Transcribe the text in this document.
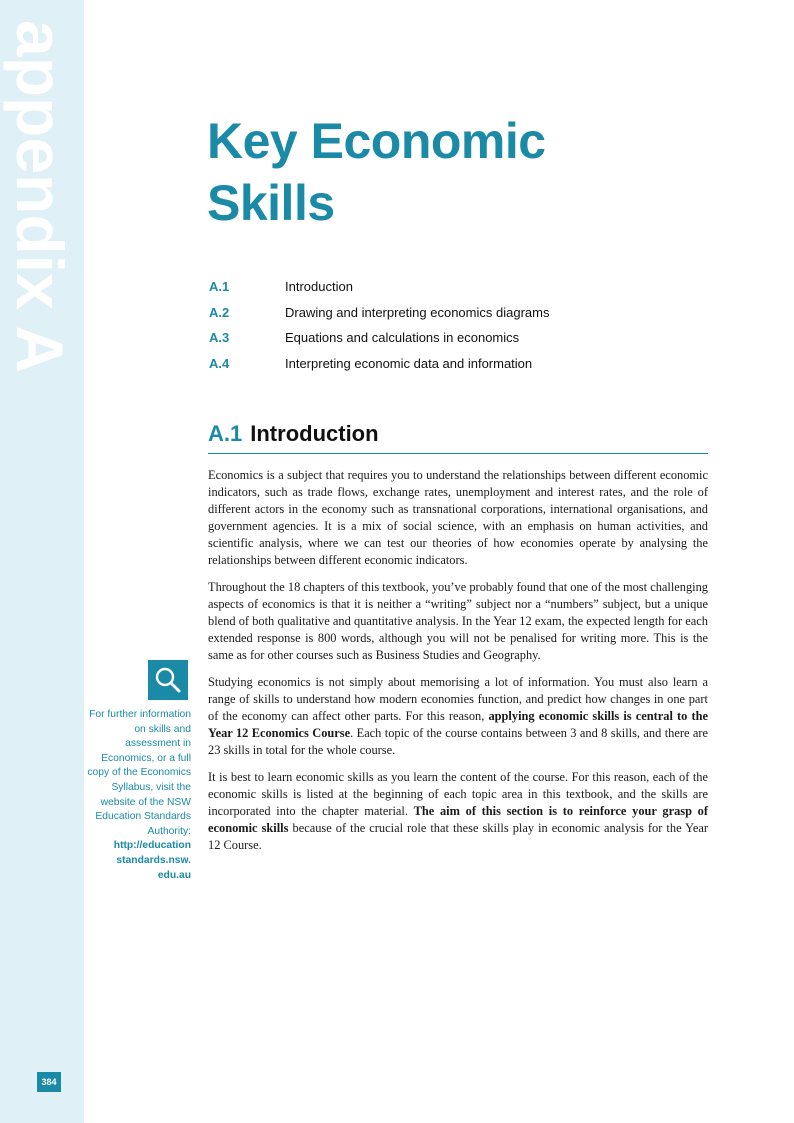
appendix A
384
Key Economic
Skills
A.1	Introduction
A.2	Drawing and interpreting economics diagrams
A.3	Equations and calculations in economics
A.4	Interpreting economic data and information
A.1 Introduction

Economics is a subject that requires you to understand the relationships between different economic indicators, such as trade flows, exchange rates, unemployment and interest rates, and the role of different actors in the economy such as transnational corporations, international organisations, and government agencies. It is a mix of social science, with an emphasis on human activities, and scientific analysis, where we can test our theories of how economies operate by analysing the relationships between different economic indicators.

Throughout the 18 chapters of this textbook, you’ve probably found that one of the most challenging aspects of economics is that it is neither a “writing” subject nor a “numbers” subject, but a unique blend of both qualitative and quantitative analysis. In the Year 12 exam, the expected length for each extended response is 800 words, although you will not be penalised for writing more. This is the same as for other courses such as Business Studies and Geography.

Studying economics is not simply about memorising a lot of information. You must also learn a range of skills to understand how modern economies function, and predict how changes in one part of the economy can affect other parts. For this reason, applying economic skills is central to the Year 12 Economics Course. Each topic of the course contains between 3 and 8 skills, and there are 23 skills in total for the whole course.

It is best to learn economic skills as you learn the content of the course. For this reason, each of the economic skills is listed at the beginning of each topic area in this textbook, and the skills are incorporated into the chapter material. The aim of this section is to reinforce your grasp of economic skills because of the crucial role that these skills play in economic analysis for the Year 12 Course.

For further information on skills and assessment in Economics, or a full copy of the Economics Syllabus, visit the website of the NSW Education Standards Authority:
http://education standards.nsw. edu.au
